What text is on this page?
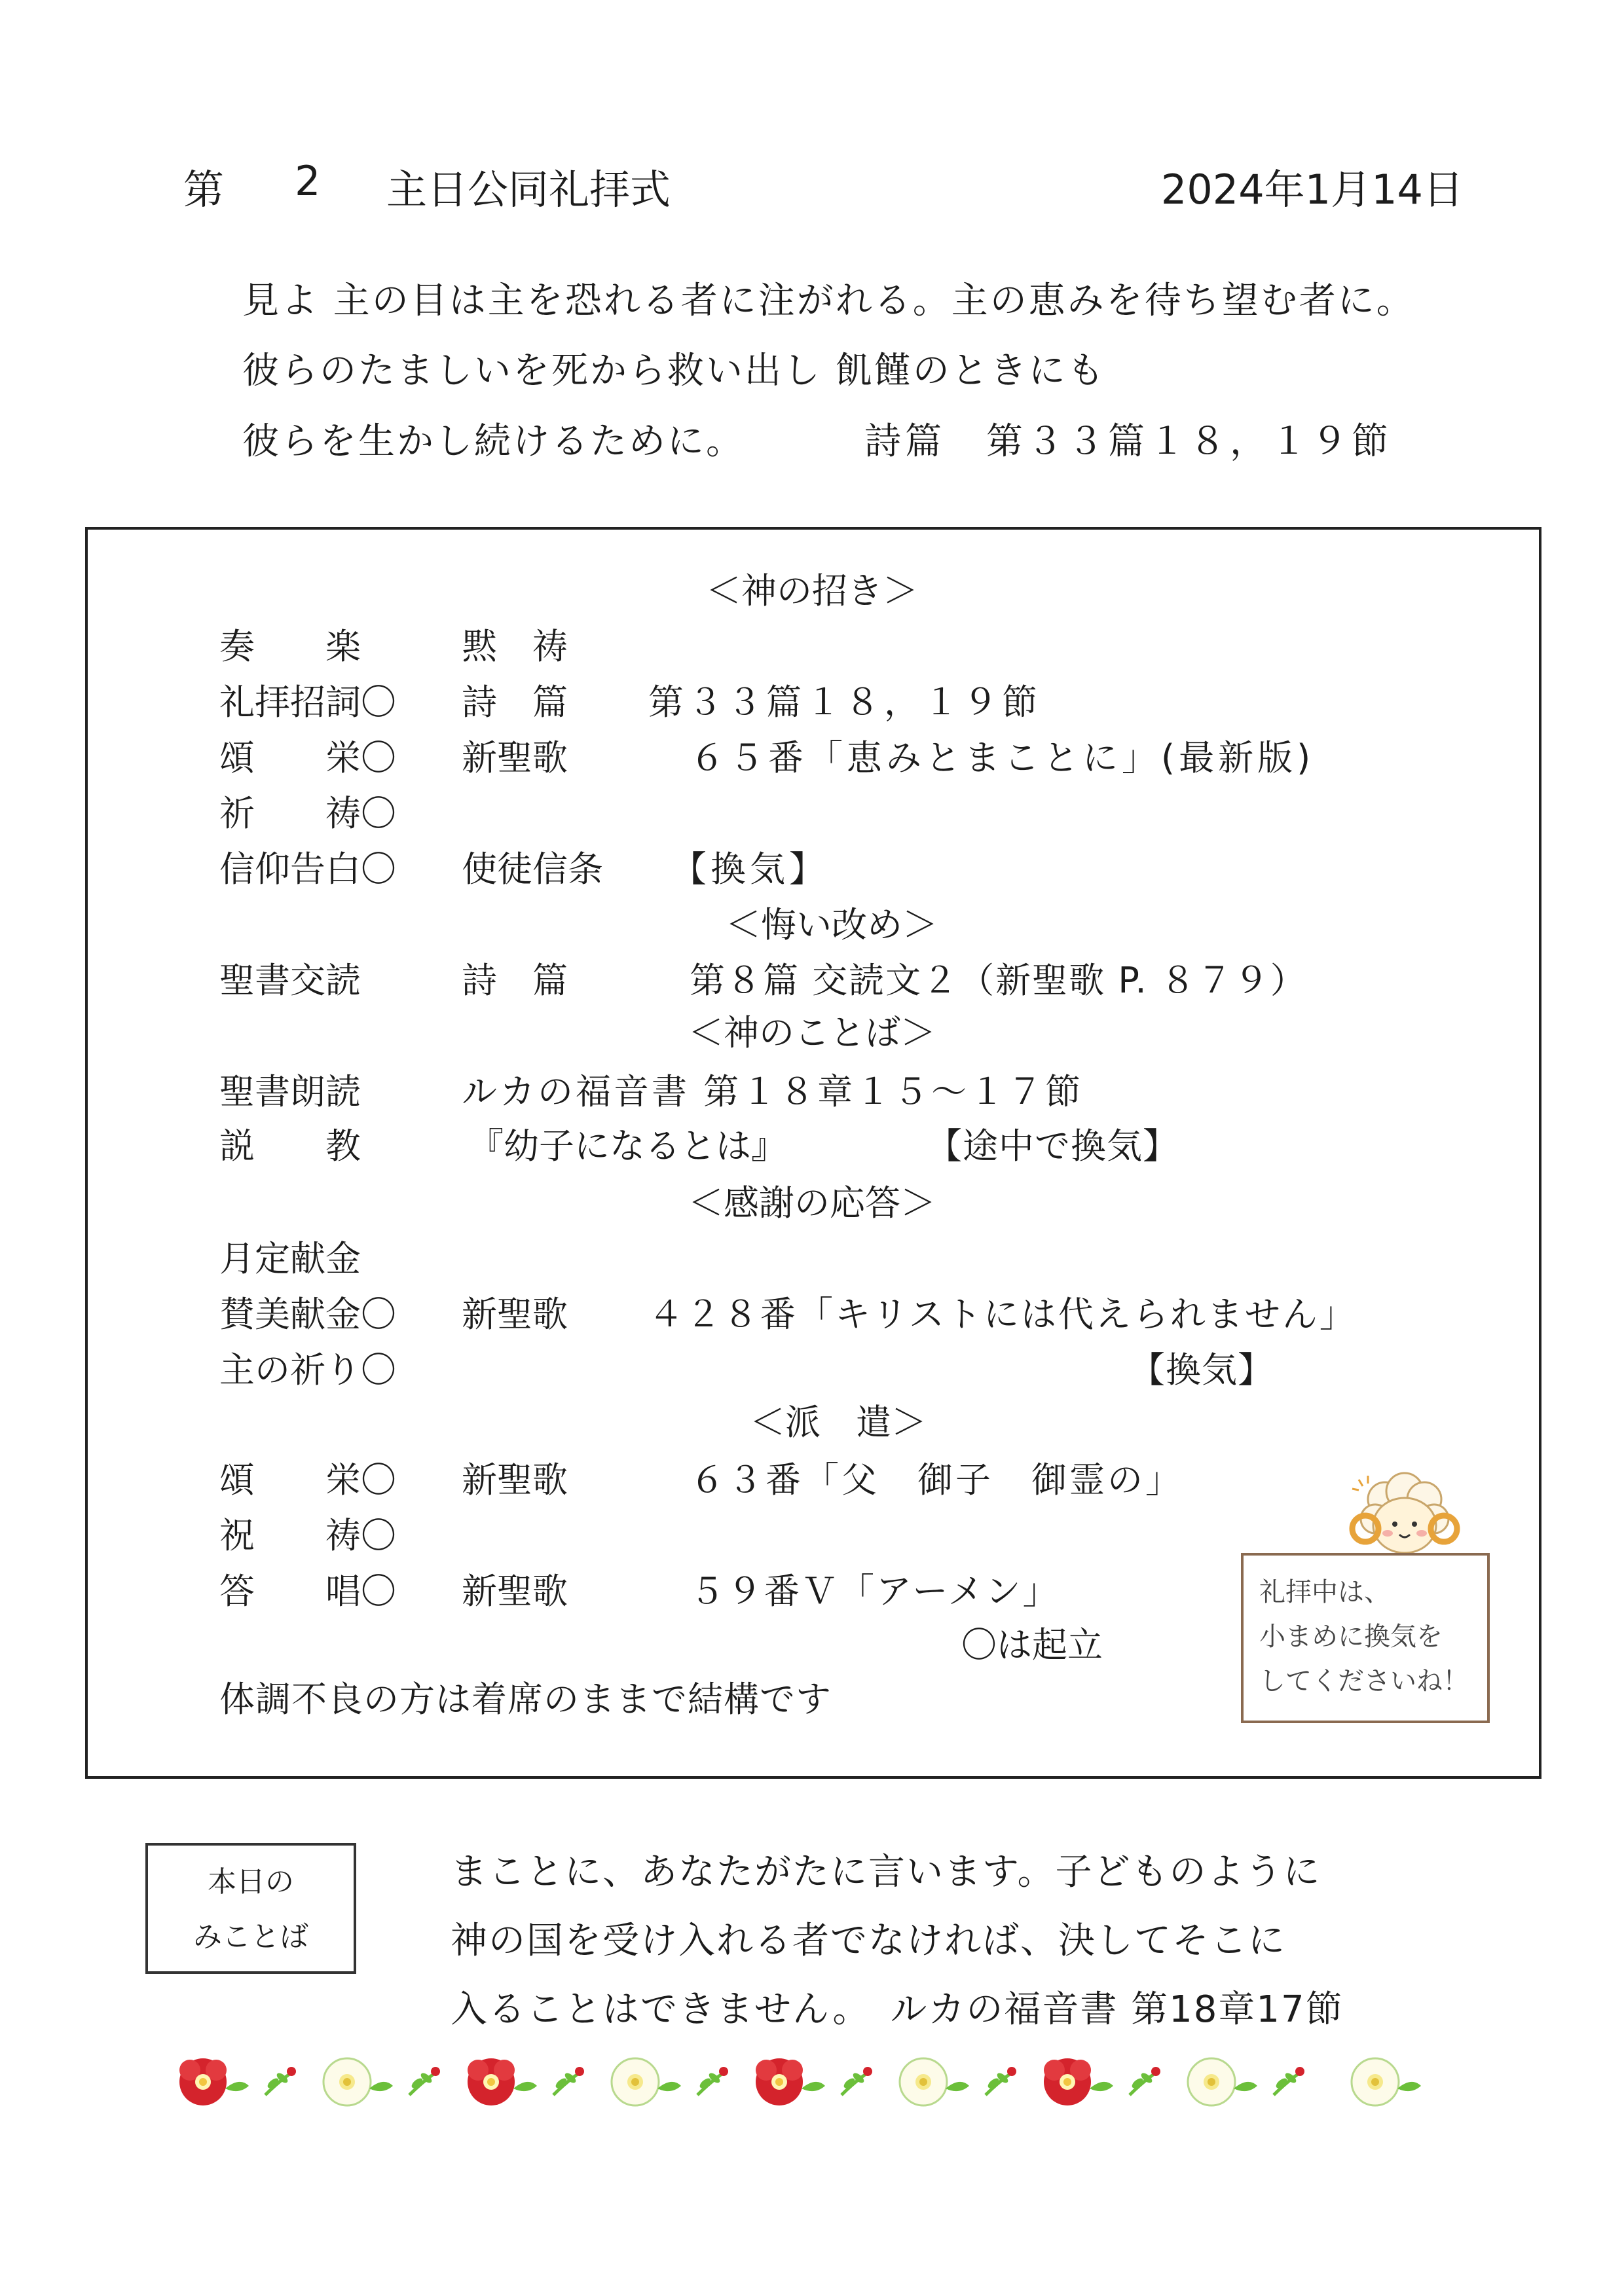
第 2 主日公同礼拝式	2024年1月14日
見よ 主の目は主を恐れる者に注がれる。主の恵みを待ち望む者に。
彼らのたましいを死から救い出し 飢饉のときにも
彼らを生かし続けるために。	詩篇　第３３篇１８，１９節
＜神の招き＞
奏　　楽	黙　祷
礼拝招詞〇 詩　篇 第３３篇１８，１９節
頌　　栄〇 新聖歌	６５番「恵みとまことに」(最新版)
祈　　祷〇
信仰告白〇 使徒信条 【換気】
＜悔い改め＞
聖書交読	詩　篇	第８篇 交読文２（新聖歌 P. ８７９）
＜神のことば＞
聖書朗読	ルカの福音書 第１８章１５～１７節
説　　教	『幼子になるとは』	【途中で換気】
＜感謝の応答＞
月定献金
賛美献金〇 新聖歌 ４２８番「キリストには代えられません」
主の祈り〇	【換気】
＜派　遣＞
頌　　栄〇 新聖歌	６３番「父　御子　御霊の」
祝　　祷〇
答　　唱〇 新聖歌	５９番Ｖ「アーメン」
〇は起立
体調不良の方は着席のままで結構です
礼拝中は、
小まめに換気を
してくださいね！
本日の
みことば
まことに、あなたがたに言います。子どものように
神の国を受け入れる者でなければ、決してそこに
入ることはできません。　ルカの福音書 第18章17節
